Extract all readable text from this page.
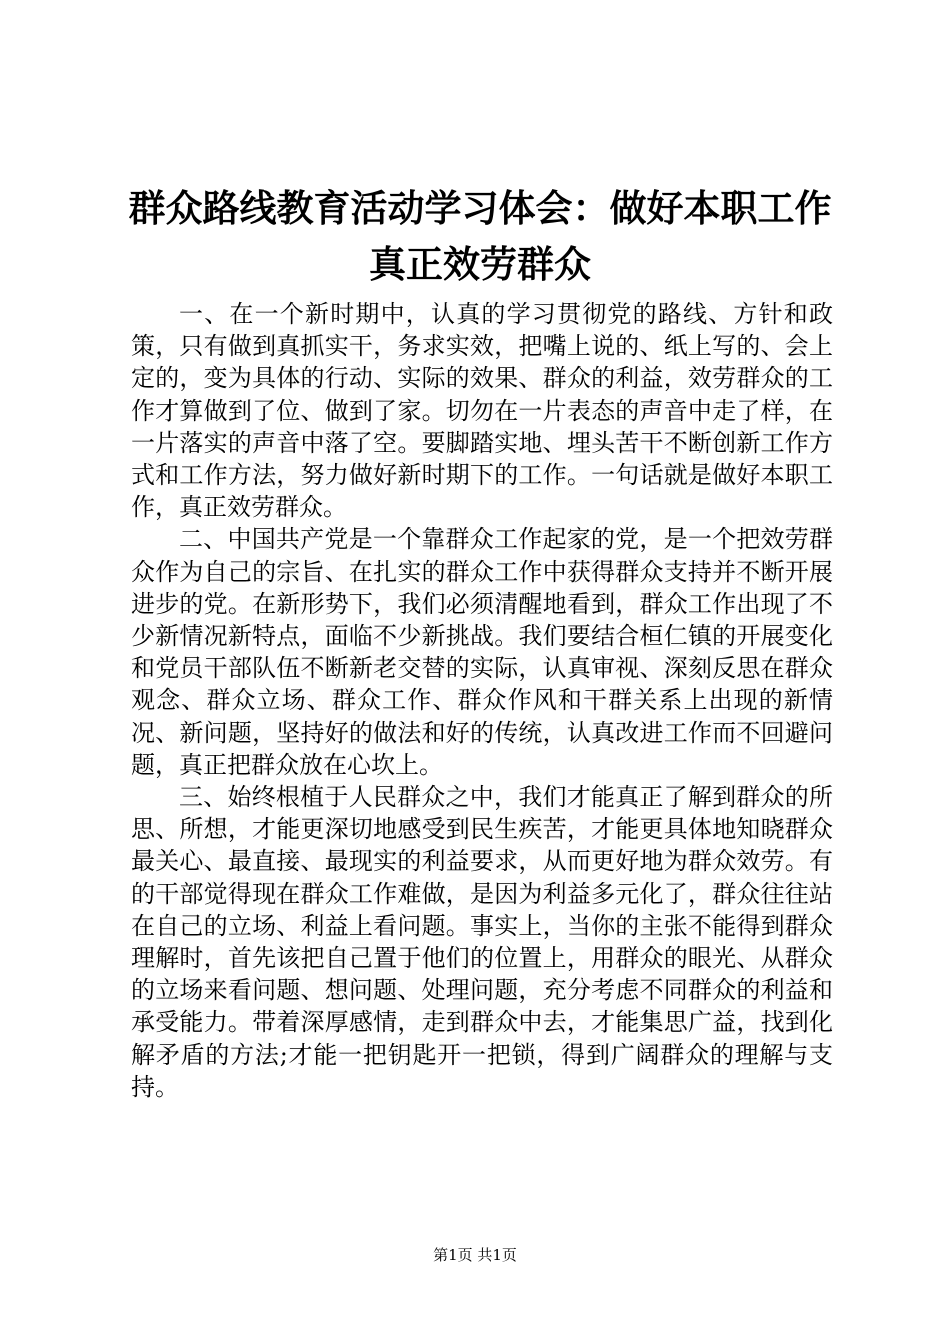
群众路线教育活动学习体会：做好本职工作真正效劳群众

一、在一个新时期中，认真的学习贯彻党的路线、方针和政策，只有做到真抓实干，务求实效，把嘴上说的、纸上写的、会上定的，变为具体的行动、实际的效果、群众的利益，效劳群众的工作才算做到了位、做到了家。切勿在一片表态的声音中走了样，在一片落实的声音中落了空。要脚踏实地、埋头苦干不断创新工作方式和工作方法，努力做好新时期下的工作。一句话就是做好本职工作，真正效劳群众。

二、中国共产党是一个靠群众工作起家的党，是一个把效劳群众作为自己的宗旨、在扎实的群众工作中获得群众支持并不断开展进步的党。在新形势下，我们必须清醒地看到，群众工作出现了不少新情况新特点，面临不少新挑战。我们要结合桓仁镇的开展变化和党员干部队伍不断新老交替的实际，认真审视、深刻反思在群众观念、群众立场、群众工作、群众作风和干群关系上出现的新情况、新问题，坚持好的做法和好的传统，认真改进工作而不回避问题，真正把群众放在心坎上。

三、始终根植于人民群众之中，我们才能真正了解到群众的所思、所想，才能更深切地感受到民生疾苦，才能更具体地知晓群众最关心、最直接、最现实的利益要求，从而更好地为群众效劳。有的干部觉得现在群众工作难做，是因为利益多元化了，群众往往站在自己的立场、利益上看问题。事实上，当你的主张不能得到群众理解时，首先该把自己置于他们的位置上，用群众的眼光、从群众的立场来看问题、想问题、处理问题，充分考虑不同群众的利益和承受能力。带着深厚感情，走到群众中去，才能集思广益，找到化解矛盾的方法;才能一把钥匙开一把锁，得到广阔群众的理解与支持。

第1页 共1页
